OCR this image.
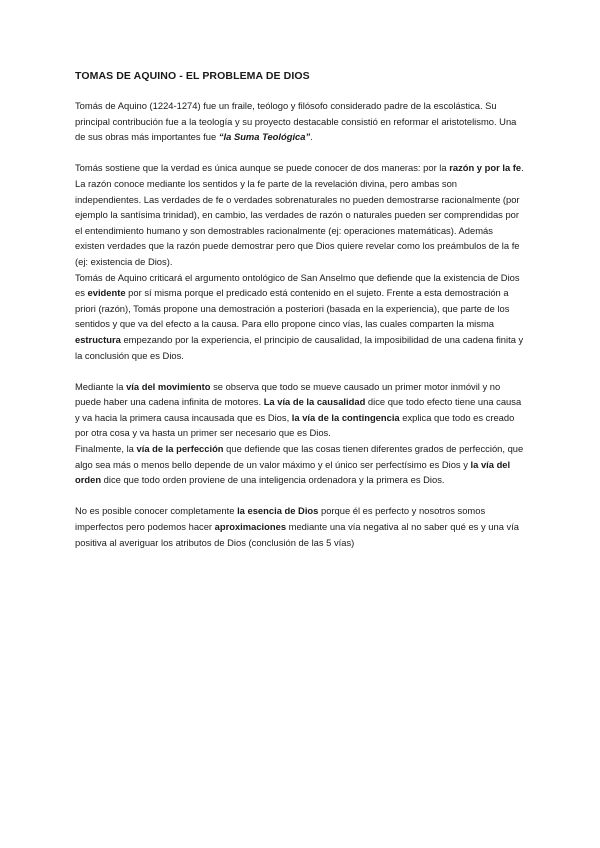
TOMAS DE AQUINO - EL PROBLEMA DE DIOS

Tomás de Aquino (1224-1274) fue un fraile, teólogo y filósofo considerado padre de la escolástica. Su principal contribución fue a la teología y su proyecto destacable consistió en reformar el aristotelismo. Una de sus obras más importantes fue “la Suma Teológica”.

Tomás sostiene que la verdad es única aunque se puede conocer de dos maneras: por la razón y por la fe. La razón conoce mediante los sentidos y la fe parte de la revelación divina, pero ambas son independientes. Las verdades de fe o verdades sobrenaturales no pueden demostrarse racionalmente (por ejemplo la santísima trinidad), en cambio, las verdades de razón o naturales pueden ser comprendidas por el entendimiento humano y son demostrables racionalmente (ej: operaciones matemáticas). Además existen verdades que la razón puede demostrar pero que Dios quiere revelar como los preámbulos de la fe (ej: existencia de Dios).

Tomás de Aquino criticará el argumento ontológico de San Anselmo que defiende que la existencia de Dios es evidente por sí misma porque el predicado está contenido en el sujeto. Frente a esta demostración a priori (razón), Tomás propone una demostración a posteriori (basada en la experiencia), que parte de los sentidos y que va del efecto a la causa. Para ello propone cinco vías, las cuales comparten la misma estructura empezando por la experiencia, el principio de causalidad, la imposibilidad de una cadena finita y la conclusión que es Dios.

Mediante la vía del movimiento se observa que todo se mueve causado un primer motor inmóvil y no puede haber una cadena infinita de motores. La vía de la causalidad dice que todo efecto tiene una causa y va hacia la primera causa incausada que es Dios, la vía de la contingencia explica que todo es creado por otra cosa y va hasta un primer ser necesario que es Dios.

Finalmente, la vía de la perfección que defiende que las cosas tienen diferentes grados de perfección, que algo sea más o menos bello depende de un valor máximo y el único ser perfectísimo es Dios y la vía del orden dice que todo orden proviene de una inteligencia ordenadora y la primera es Dios.

No es posible conocer completamente la esencia de Dios porque él es perfecto y nosotros somos imperfectos pero podemos hacer aproximaciones mediante una vía negativa al no saber qué es y una vía positiva al averiguar los atributos de Dios (conclusión de las 5 vías)
